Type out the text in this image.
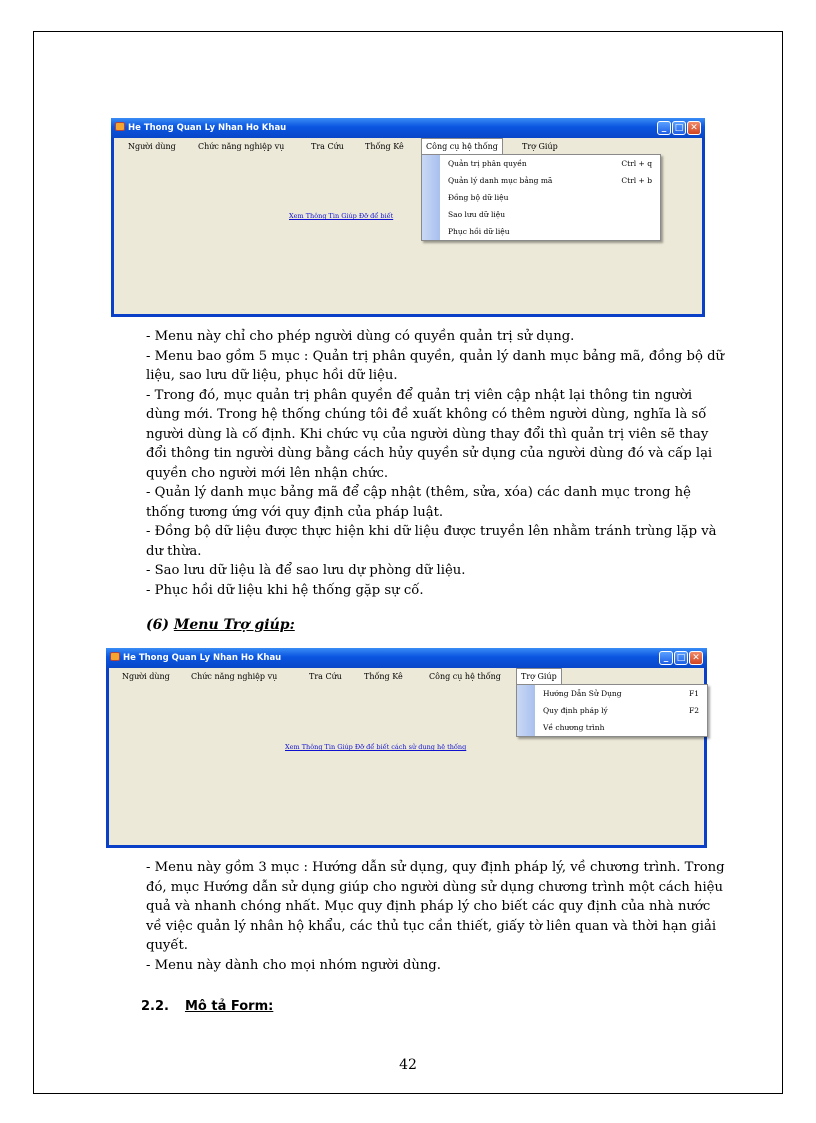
He Thong Quan Ly Nhan Ho Khau	_ □ ✕
Người dùng	Chức năng nghiệp vụ	Tra Cứu	Thống Kê	Công cụ hệ thống	Trợ Giúp
Xem Thông Tin Giúp Đỡ để biết
Quản trị phân quyền	Ctrl + q
Quản lý danh mục bảng mã	Ctrl + b
Đồng bộ dữ liệu
Sao lưu dữ liệu
Phục hồi dữ liệu

- Menu này chỉ cho phép người dùng có quyền quản trị sử dụng.

- Menu bao gồm 5 mục : Quản trị phân quyền, quản lý danh mục bảng mã, đồng bộ dữ liệu, sao lưu dữ liệu, phục hồi dữ liệu.

- Trong đó, mục quản trị phân quyền để quản trị viên cập nhật lại thông tin người dùng mới. Trong hệ thống chúng tôi đề xuất không có thêm người dùng, nghĩa là số người dùng là cố định. Khi chức vụ của người dùng thay đổi thì quản trị viên sẽ thay đổi thông tin người dùng bằng cách hủy quyền sử dụng của người dùng đó và cấp lại quyền cho người mới lên nhận chức.

- Quản lý danh mục bảng mã để cập nhật (thêm, sửa, xóa) các danh mục trong hệ thống tương ứng với quy định của pháp luật.

- Đồng bộ dữ liệu được thực hiện khi dữ liệu được truyền lên nhằm tránh trùng lặp và dư thừa.

- Sao lưu dữ liệu là để sao lưu dự phòng dữ liệu.

- Phục hồi dữ liệu khi hệ thống gặp sự cố.

(6) Menu Trợ giúp:
He Thong Quan Ly Nhan Ho Khau	_ □ ✕
Người dùng	Chức năng nghiệp vụ	Tra Cứu	Thống Kê	Công cụ hệ thống	Trợ Giúp
Xem Thông Tin Giúp Đỡ để biết cách sử dụng hệ thống
Hướng Dẫn Sử Dụng	F1
Quy định pháp lý	F2
Về chương trình

- Menu này gồm 3 mục : Hướng dẫn sử dụng, quy định pháp lý, về chương trình. Trong đó, mục Hướng dẫn sử dụng giúp cho người dùng sử dụng chương trình một cách hiệu quả và nhanh chóng nhất. Mục quy định pháp lý cho biết các quy định của nhà nước về việc quản lý nhân hộ khẩu, các thủ tục cần thiết, giấy tờ liên quan và thời hạn giải quyết.

- Menu này dành cho mọi nhóm người dùng.

2.2. Mô tả Form:
42
